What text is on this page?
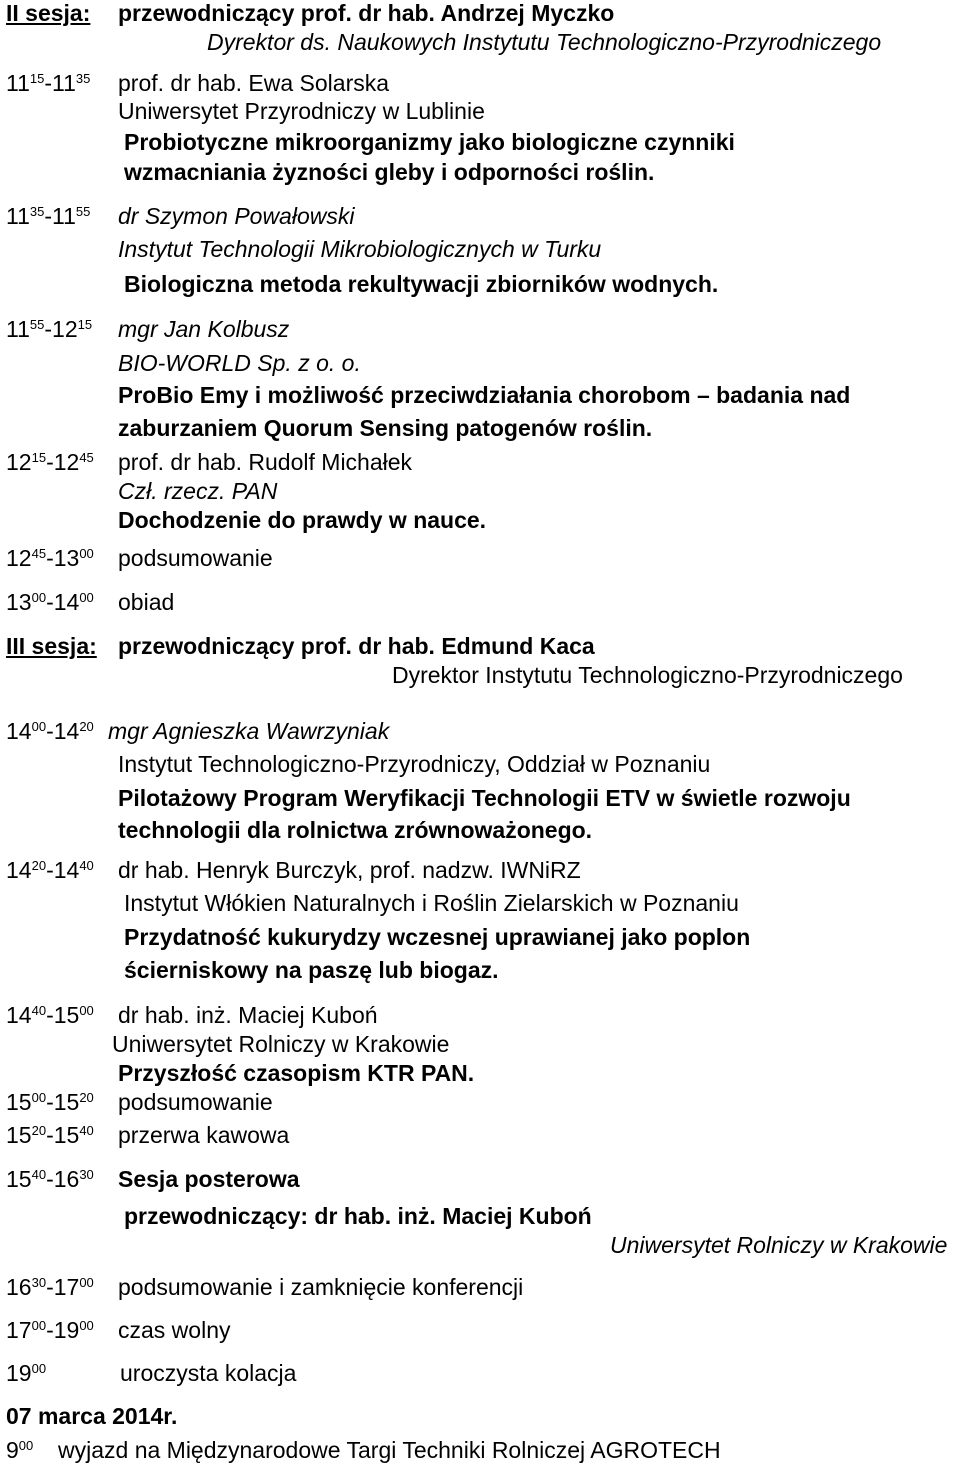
II sesja: przewodniczący prof. dr hab. Andrzej Myczko
Dyrektor ds. Naukowych Instytutu Technologiczno-Przyrodniczego
$11^{15}-11^{35}$ prof. dr hab. Ewa Solarska
Uniwersytet Przyrodniczy w Lublinie
Probiotyczne mikroorganizmy jako biologiczne czynniki
wzmacniania żyzności gleby i odporności roślin.
$11^{35}-11^{55}$ dr Szymon Powałowski
Instytut Technologii Mikrobiologicznych w Turku
Biologiczna metoda rekultywacji zbiorników wodnych.
$11^{55}-12^{15}$ mgr Jan Kolbusz
BIO-WORLD Sp. z o. o.
ProBio Emy i możliwość przeciwdziałania chorobom – badania nad
zaburzaniem Quorum Sensing patogenów roślin.
$12^{15}-12^{45}$ prof. dr hab. Rudolf Michałek
Czł. rzecz. PAN
Dochodzenie do prawdy w nauce.
$12^{45}-13^{00}$ podsumowanie
$13^{00}-14^{00}$ obiad
III sesja: przewodniczący prof. dr hab. Edmund Kaca
Dyrektor Instytutu Technologiczno-Przyrodniczego
$14^{00}-14^{20}$ mgr Agnieszka Wawrzyniak
Instytut Technologiczno-Przyrodniczy, Oddział w Poznaniu
Pilotażowy Program Weryfikacji Technologii ETV w świetle rozwoju
technologii dla rolnictwa zrównoważonego.
$14^{20}-14^{40}$ dr hab. Henryk Burczyk, prof. nadzw. IWNiRZ
Instytut Włókien Naturalnych i Roślin Zielarskich w Poznaniu
Przydatność kukurydzy wczesnej uprawianej jako poplon
ścierniskowy na paszę lub biogaz.
$14^{40}-15^{00}$ dr hab. inż. Maciej Kuboń
Uniwersytet Rolniczy w Krakowie
Przyszłość czasopism KTR PAN.
$15^{00}-15^{20}$ podsumowanie
$15^{20}-15^{40}$ przerwa kawowa
$15^{40}-16^{30}$ Sesja posterowa
przewodniczący: dr hab. inż. Maciej Kuboń
Uniwersytet Rolniczy w Krakowie
$16^{30}-17^{00}$ podsumowanie i zamknięcie konferencji
$17^{00}-19^{00}$ czas wolny
$19^{00}$	uroczysta kolacja
07 marca 2014r.
$9^{00}$ wyjazd na Międzynarodowe Targi Techniki Rolniczej AGROTECH
